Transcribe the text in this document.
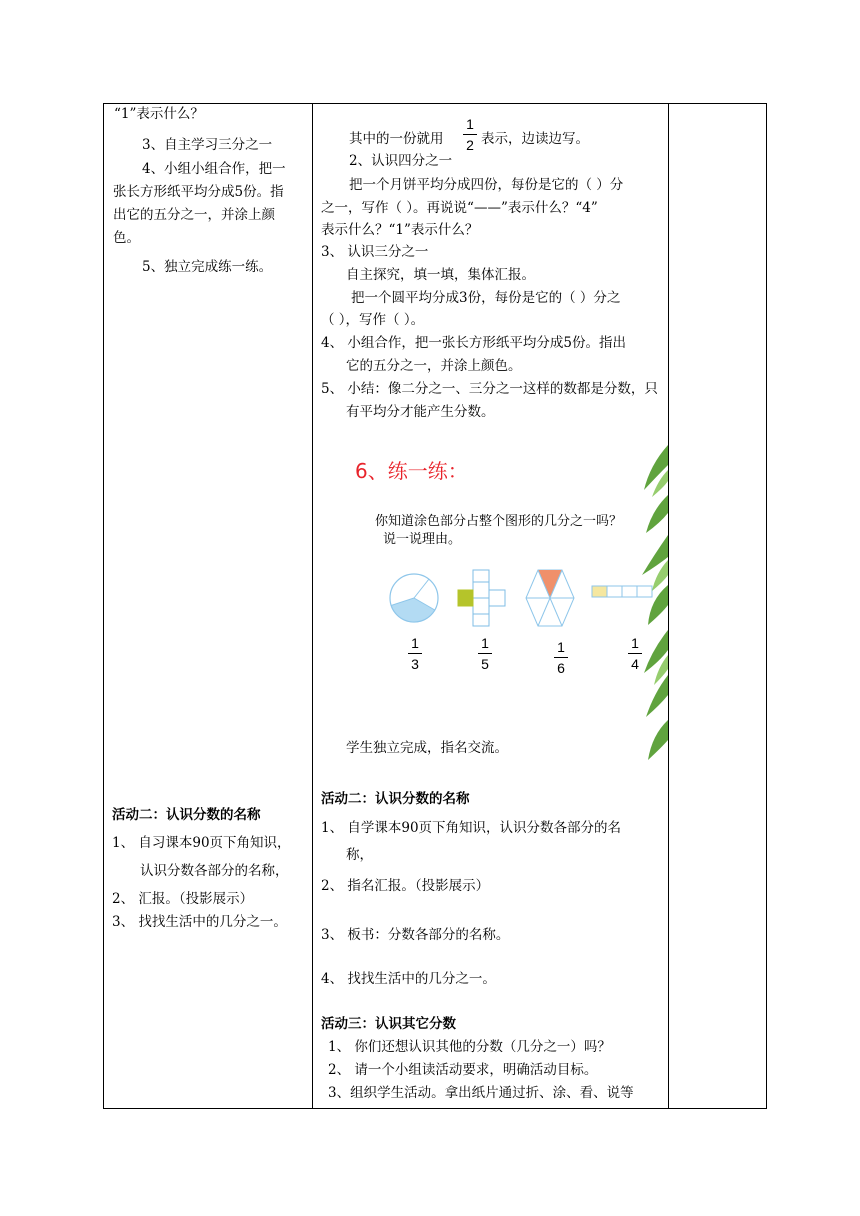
“1”表示什么？
3、自主学习三分之一
4、小组小组合作，把一
张长方形纸平均分成5份。指
出它的五分之一，并涂上颜
色。
5、独立完成练一练。
活动二：认识分数的名称
1、 自习课本90页下角知识，
认识分数各部分的名称，
2、 汇报。（投影展示）
3、 找找生活中的几分之一。
其中的一份就用
1
2 表示，边读边写。
2、认识四分之一
把一个月饼平均分成四份，每份是它的（ ）分
之一，写作（ ）。再说说“——”表示什么？“4”
表示什么？“1”表示什么？
3、 认识三分之一
自主探究，填一填，集体汇报。
把一个圆平均分成3份，每份是它的（ ）分之
（ ），写作（ ）。
4、 小组合作，把一张长方形纸平均分成5份。指出
它的五分之一，并涂上颜色。
5、 小结：像二分之一、三分之一这样的数都是分数，只
有平均分才能产生分数。
6、练一练：
你知道涂色部分占整个图形的几分之一吗？
说一说理由。
1
3
1
5
1
6
1
4
学生独立完成，指名交流。
活动二：认识分数的名称
1、 自学课本90页下角知识，认识分数各部分的名
称，
2、 指名汇报。（投影展示）
3、 板书：分数各部分的名称。
4、 找找生活中的几分之一。
活动三：认识其它分数
1、 你们还想认识其他的分数（几分之一）吗？
2、 请一个小组读活动要求，明确活动目标。
3、组织学生活动。拿出纸片通过折、涂、看、说等
